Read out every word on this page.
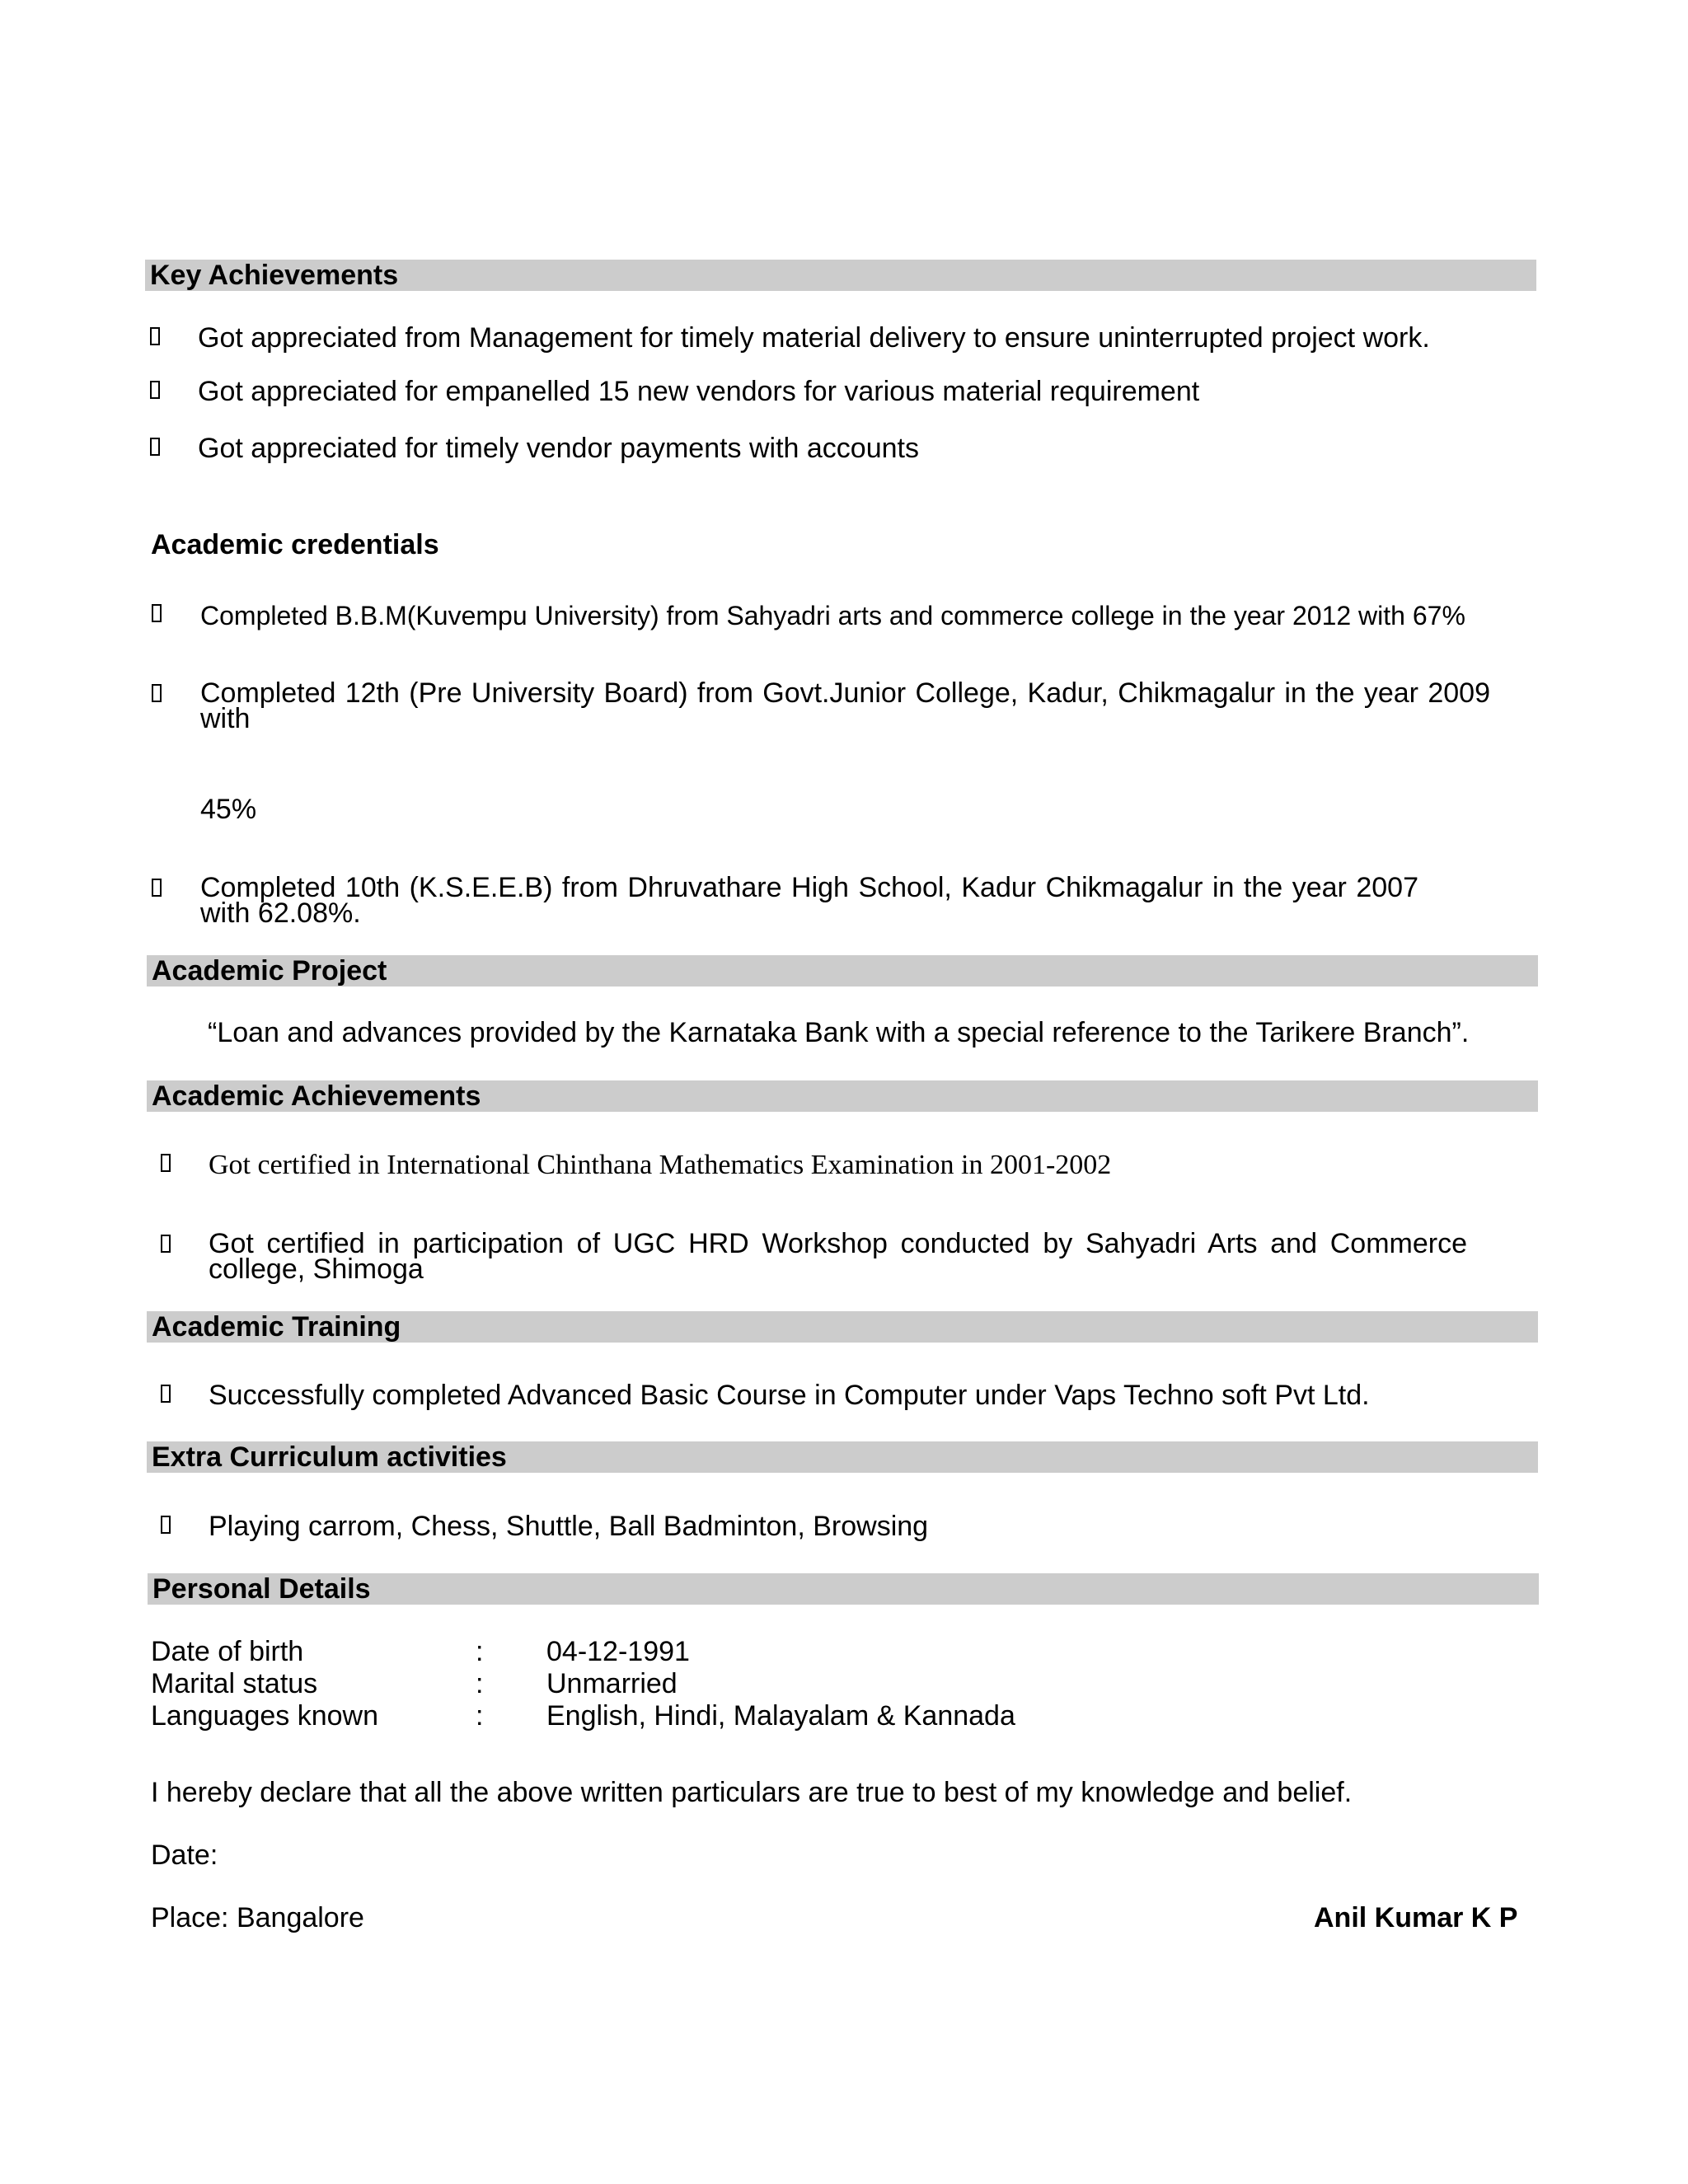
Key Achievements
Got appreciated from Management for timely material delivery to ensure uninterrupted project work.
Got appreciated for empanelled 15 new vendors for various material requirement
Got appreciated for timely vendor payments with accounts
Academic credentials
Completed B.B.M(Kuvempu University) from Sahyadri arts and commerce college in the year 2012 with 67%
Completed 12th (Pre University Board) from Govt.Junior College, Kadur, Chikmagalur in the year 2009 with
45%
Completed 10th (K.S.E.E.B) from Dhruvathare High School, Kadur Chikmagalur in the year 2007 with 62.08%.
Academic Project
“Loan and advances provided by the Karnataka Bank with a special reference to the Tarikere Branch”.
Academic Achievements
Got certified in International Chinthana Mathematics Examination in 2001-2002
Got certified in participation of UGC HRD Workshop conducted by Sahyadri Arts and Commerce college, Shimoga
Academic Training
Successfully completed Advanced Basic Course in Computer under Vaps Techno soft Pvt Ltd.
Extra Curriculum activities
Playing carrom, Chess, Shuttle, Ball Badminton, Browsing
Personal Details
Date of birth	: 04-12-1991
Marital status	: Unmarried
Languages known	: English, Hindi, Malayalam & Kannada
I hereby declare that all the above written particulars are true to best of my knowledge and belief.
Date:
Place: Bangalore	Anil Kumar K P
